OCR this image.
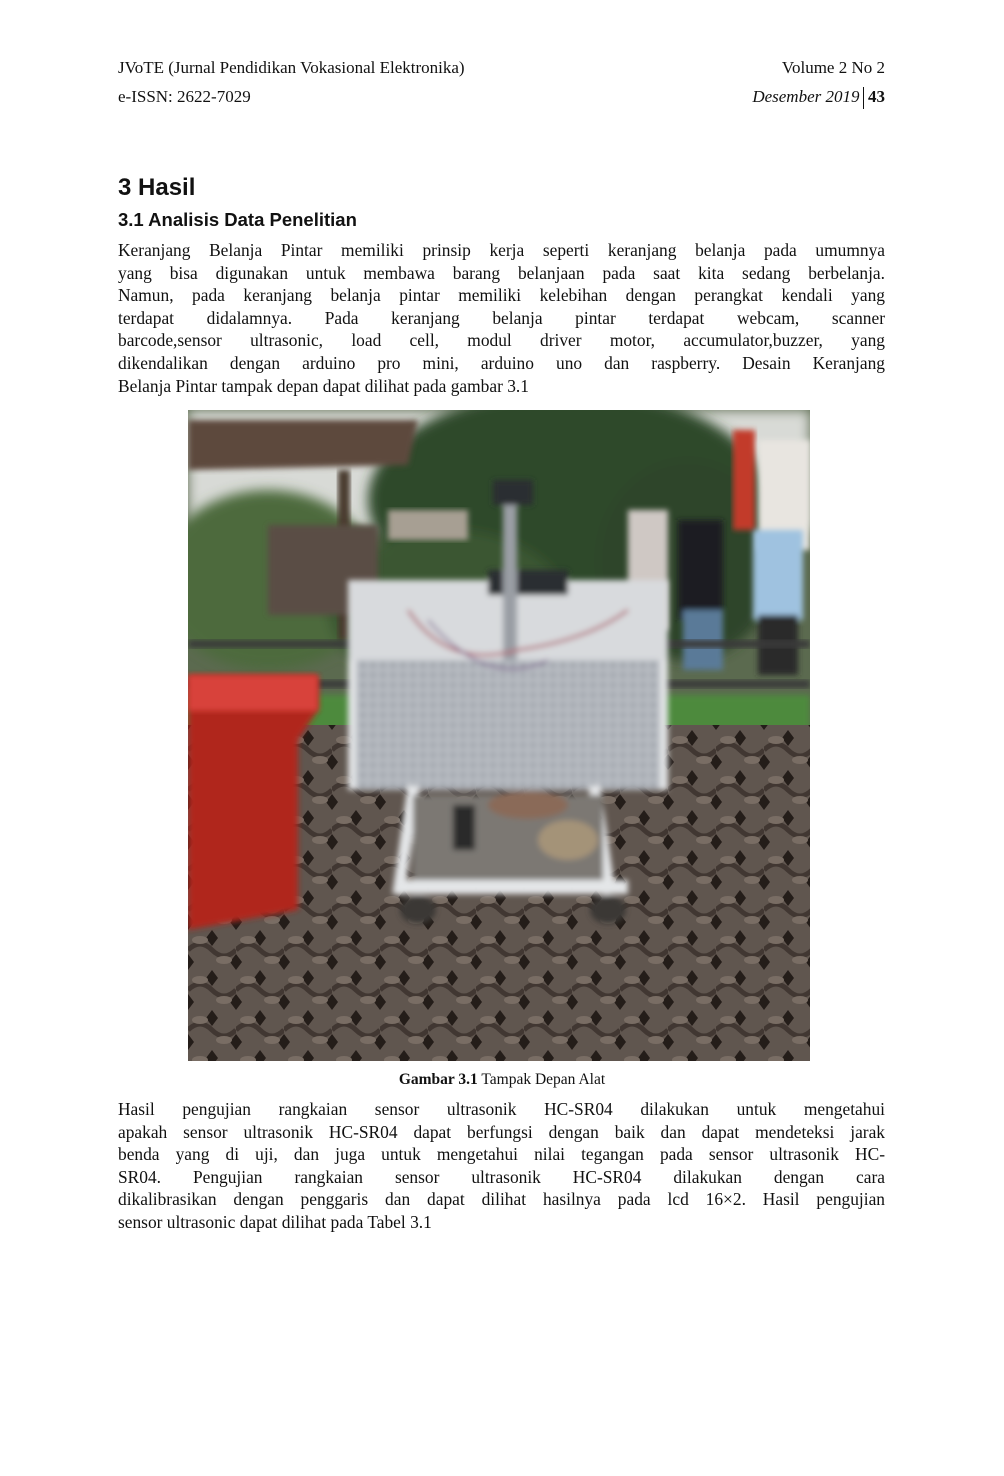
JVoTE (Jurnal Pendidikan Vokasional Elektronika)	Volume 2 No 2
e-ISSN: 2622-7029	Desember 2019 43
3 Hasil
3.1 Analisis Data Penelitian

Keranjang Belanja Pintar memiliki prinsip kerja seperti keranjang belanja pada umumnya
yang bisa digunakan untuk membawa barang belanjaan pada saat kita sedang berbelanja.
Namun, pada keranjang belanja pintar memiliki kelebihan dengan perangkat kendali yang
terdapat didalamnya. Pada keranjang belanja pintar terdapat webcam, scanner
barcode,sensor ultrasonic, load cell, modul driver motor, accumulator,buzzer, yang
dikendalikan dengan arduino pro mini, arduino uno dan raspberry. Desain Keranjang
Belanja Pintar tampak depan dapat dilihat pada gambar 3.1

Gambar 3.1 Tampak Depan Alat

Hasil pengujian rangkaian sensor ultrasonik HC-SR04 dilakukan untuk mengetahui
apakah sensor ultrasonik HC-SR04 dapat berfungsi dengan baik dan dapat mendeteksi jarak
benda yang di uji, dan juga untuk mengetahui nilai tegangan pada sensor ultrasonik HC-
SR04. Pengujian rangkaian sensor ultrasonik HC-SR04 dilakukan dengan cara
dikalibrasikan dengan penggaris dan dapat dilihat hasilnya pada lcd 16×2. Hasil pengujian
sensor ultrasonic dapat dilihat pada Tabel 3.1
